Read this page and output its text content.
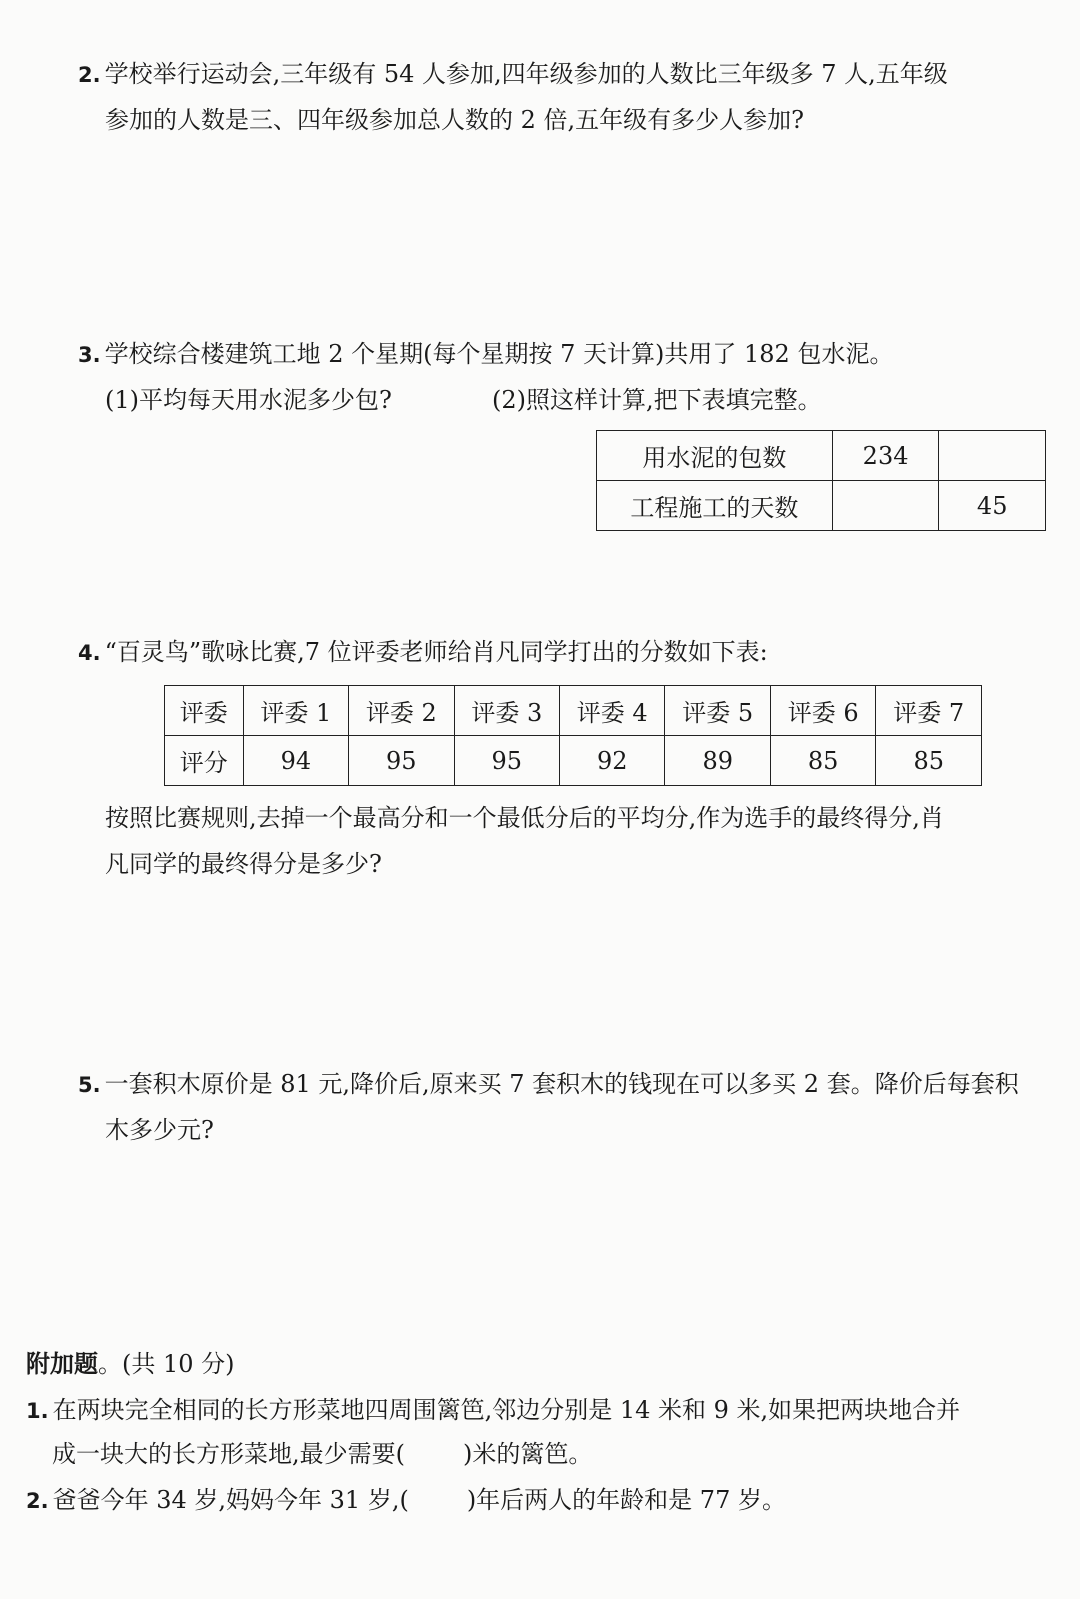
2. 学校举行运动会,三年级有 54 人参加,四年级参加的人数比三年级多 7 人,五年级
参加的人数是三、四年级参加总人数的 2 倍,五年级有多少人参加?
3. 学校综合楼建筑工地 2 个星期(每个星期按 7 天计算)共用了 182 包水泥。
(1)平均每天用水泥多少包?	(2)照这样计算,把下表填完整。
用水泥的包数	234	
工程施工的天数		45
4. “百灵鸟”歌咏比赛,7 位评委老师给肖凡同学打出的分数如下表:
评委	评委 1	评委 2	评委 3	评委 4	评委 5	评委 6	评委 7
评分	94	95	95	92	89	85	85
按照比赛规则,去掉一个最高分和一个最低分后的平均分,作为选手的最终得分,肖
凡同学的最终得分是多少?
5. 一套积木原价是 81 元,降价后,原来买 7 套积木的钱现在可以多买 2 套。降价后每套积
木多少元?
附加题。(共 10 分)
1. 在两块完全相同的长方形菜地四周围篱笆,邻边分别是 14 米和 9 米,如果把两块地合并
成一块大的长方形菜地,最少需要( )米的篱笆。
2. 爸爸今年 34 岁,妈妈今年 31 岁,( )年后两人的年龄和是 77 岁。
